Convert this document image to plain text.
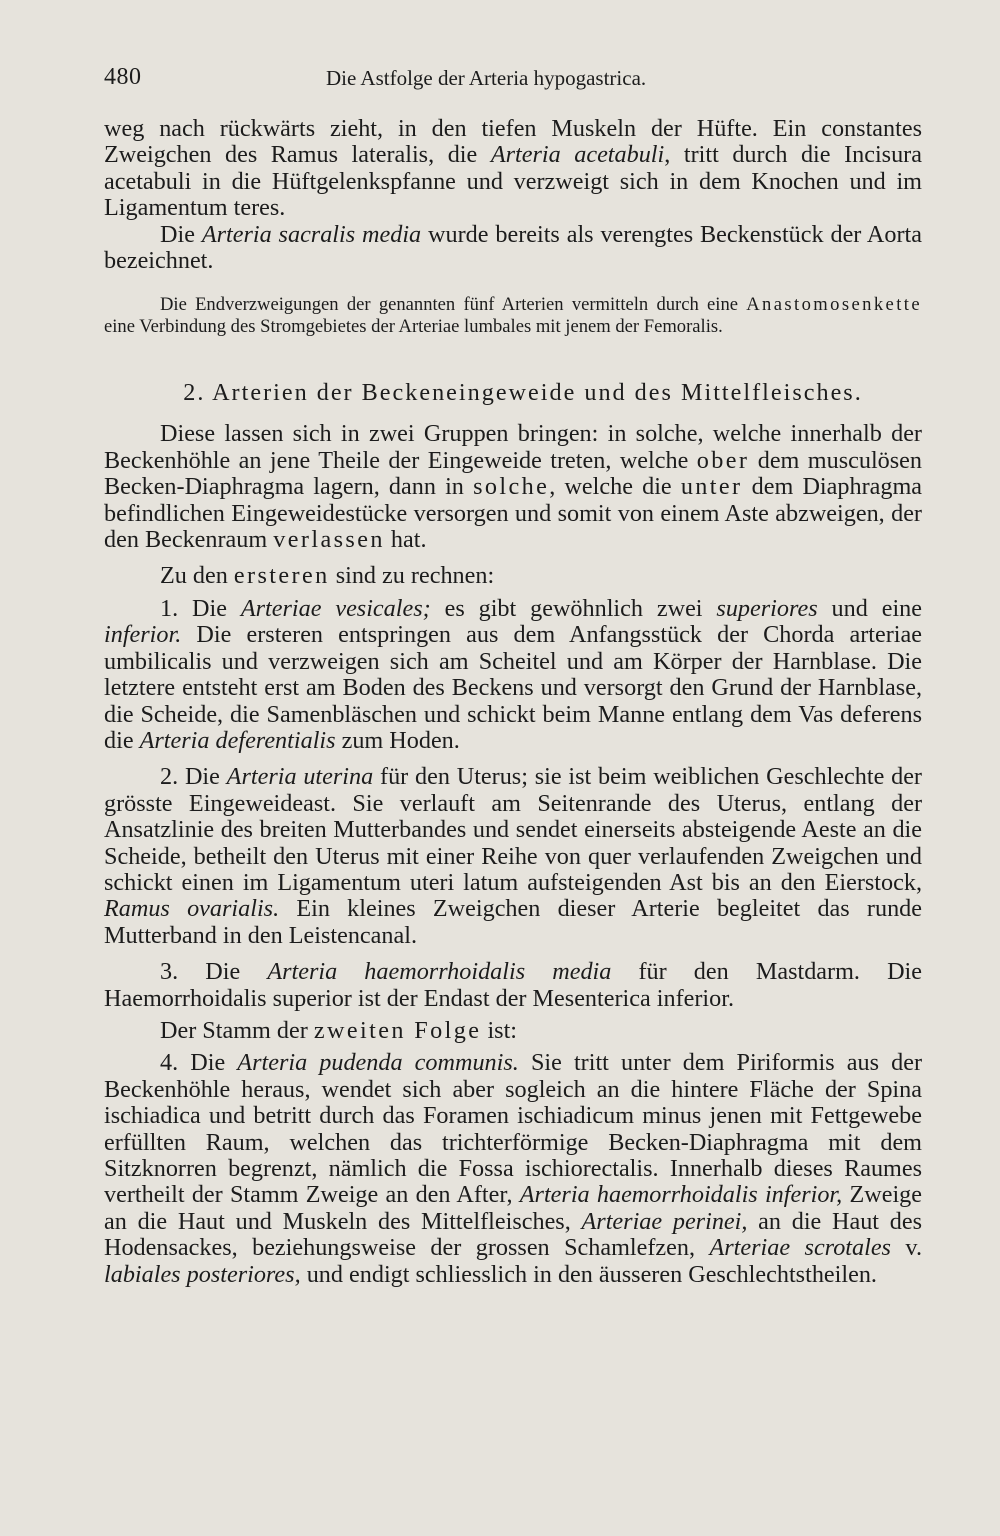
480	Die Astfolge der Arteria hypogastrica.

weg nach rückwärts zieht, in den tiefen Muskeln der Hüfte. Ein constantes Zweigchen des Ramus lateralis, die Arteria acetabuli, tritt durch die Incisura acetabuli in die Hüftgelenkspfanne und verzweigt sich in dem Knochen und im Ligamentum teres.

Die Arteria sacralis media wurde bereits als verengtes Beckenstück der Aorta bezeichnet.

Die Endverzweigungen der genannten fünf Arterien vermitteln durch eine Anastomosenkette eine Verbindung des Stromgebietes der Arteriae lumbales mit jenem der Femoralis.

2. Arterien der Beckeneingeweide und des Mittelfleisches.

Diese lassen sich in zwei Gruppen bringen: in solche, welche innerhalb der Beckenhöhle an jene Theile der Eingeweide treten, welche ober dem musculösen Becken-Diaphragma lagern, dann in solche, welche die unter dem Diaphragma befindlichen Eingeweidestücke versorgen und somit von einem Aste abzweigen, der den Beckenraum verlassen hat.

Zu den ersteren sind zu rechnen:

1. Die Arteriae vesicales; es gibt gewöhnlich zwei superiores und eine inferior. Die ersteren entspringen aus dem Anfangsstück der Chorda arteriae umbilicalis und verzweigen sich am Scheitel und am Körper der Harnblase. Die letztere entsteht erst am Boden des Beckens und versorgt den Grund der Harnblase, die Scheide, die Samenbläschen und schickt beim Manne entlang dem Vas deferens die Arteria deferentialis zum Hoden.

2. Die Arteria uterina für den Uterus; sie ist beim weiblichen Geschlechte der grösste Eingeweideast. Sie verlauft am Seitenrande des Uterus, entlang der Ansatzlinie des breiten Mutterbandes und sendet einerseits absteigende Aeste an die Scheide, betheilt den Uterus mit einer Reihe von quer verlaufenden Zweigchen und schickt einen im Ligamentum uteri latum aufsteigenden Ast bis an den Eierstock, Ramus ovarialis. Ein kleines Zweigchen dieser Arterie begleitet das runde Mutterband in den Leistencanal.

3. Die Arteria haemorrhoidalis media für den Mastdarm. Die Haemorrhoidalis superior ist der Endast der Mesenterica inferior.

Der Stamm der zweiten Folge ist:

4. Die Arteria pudenda communis. Sie tritt unter dem Piriformis aus der Beckenhöhle heraus, wendet sich aber sogleich an die hintere Fläche der Spina ischiadica und betritt durch das Foramen ischiadicum minus jenen mit Fettgewebe erfüllten Raum, welchen das trichterförmige Becken-Diaphragma mit dem Sitzknorren begrenzt, nämlich die Fossa ischiorectalis. Innerhalb dieses Raumes vertheilt der Stamm Zweige an den After, Arteria haemorrhoidalis inferior, Zweige an die Haut und Muskeln des Mittelfleisches, Arteriae perinei, an die Haut des Hodensackes, beziehungsweise der grossen Schamlefzen, Arteriae scrotales v. labiales posteriores, und endigt schliesslich in den äusseren Geschlechtstheilen.
